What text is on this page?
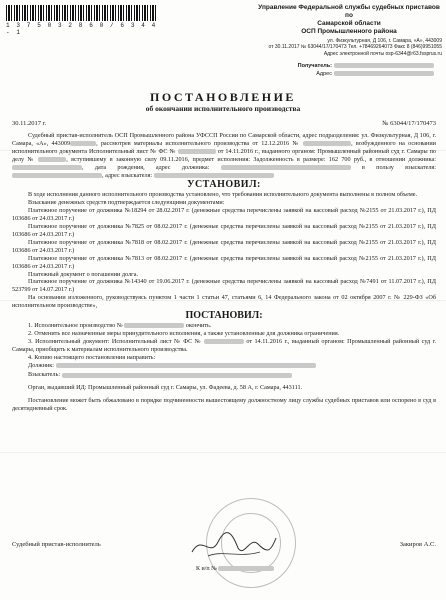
1 3 7 5 0 3 2 8 6 0 / 6 3 4 4 - 1
Управление Федеральной службы судебных приставов по
Самарской области
ОСП Промышленного района
ул. Физкультурная, Д 106, г. Самара, «А», 443009
от 30.11.2017 № 63044/17/170473 Тел. +78469264073 Факс 8 (846)9951055
Адрес электронной почты osp-6344@r63.fssprus.ru
Получатель:
Адрес
ПОСТАНОВЛЕНИЕ
об окончании исполнительного производства
30.11.2017 г.	№ 63044/17/170473

Судебный пристав-исполнитель ОСП Промышленного района УФССП России по Самарской области, адрес подразделения: ул. Физкультурная, Д 106, г. Самара, «А», 443009	, рассмотрев материалы исполнительного производства от 12.12.2016 №	, возбужденного на основании исполнительного документа Исполнительный лист № ФС №	от 14.11.2016 г., выданного органом: Промышленный районный суд г. Самары по делу №	, вступившему в законную силу 09.11.2016, предмет исполнения: Задолженность в размере: 162 700 руб., в отношении должника: , дата рождения, адрес должника:	в пользу взыскателя: , адрес взыскателя:

УСТАНОВИЛ:

В ходе исполнения данного исполнительного производства установлено, что требования исполнительного документа выполнены в полном объеме.

Взыскание денежных средств подтверждается следующими документами:

Платежное поручение от должника №18294 от 28.02.2017 г. (денежные средства перечислены заявкой на кассовый расход №2155 от 21.03.2017 г.), ПД 103686 от 24.03.2017 г.)

Платежное поручение от должника №7825 от 08.02.2017 г. (денежные средства перечислены заявкой на кассовый расход №2155 от 21.03.2017 г.), ПД 103686 от 24.03.2017 г.)

Платежное поручение от должника №7818 от 08.02.2017 г. (денежные средства перечислены заявкой на кассовый расход №2155 от 21.03.2017 г.), ПД 103686 от 24.03.2017 г.)

Платежное поручение от должника №7813 от 08.02.2017 г. (денежные средства перечислены заявкой на кассовый расход №2155 от 21.03.2017 г.), ПД 103686 от 24.03.2017 г.)

Платежный документ о погашении долга.

Платежное поручение от должника №14340 от 19.06.2017 г. (денежные средства перечислены заявкой на кассовый расход №7491 от 11.07.2017 г.), ПД 523799 от 14.07.2017 г.)

На основании изложенного, руководствуясь пунктом 1 части 1 статьи 47, статьями 6, 14 Федерального закона от 02 октября 2007 г. № 229-ФЗ «Об исполнительном производстве»,

ПОСТАНОВИЛ:

1. Исполнительное производство №	окончить.

2. Отменить все назначенные меры принудительного исполнения, а также установленные для должника ограничения.

3. Исполнительный документ: Исполнительный лист № ФС №	от 14.11.2016 г., выданный органом: Промышленный районный суд г. Самары, приобщить к материалам исполнительного производства.

4. Копию настоящего постановления направить:

Должник:

Взыскатель:

Орган, выдавший ИД: Промышленный районный суд г. Самары, ул. Фадеева, д. 58 А, г. Самара, 443111.

Постановление может быть обжаловано в порядке подчиненности вышестоящему должностному лицу службы судебных приставов или оспорено в суд в десятидневный срок.

Судебный пристав-исполнитель	Закиров А.С.
К и/п №
